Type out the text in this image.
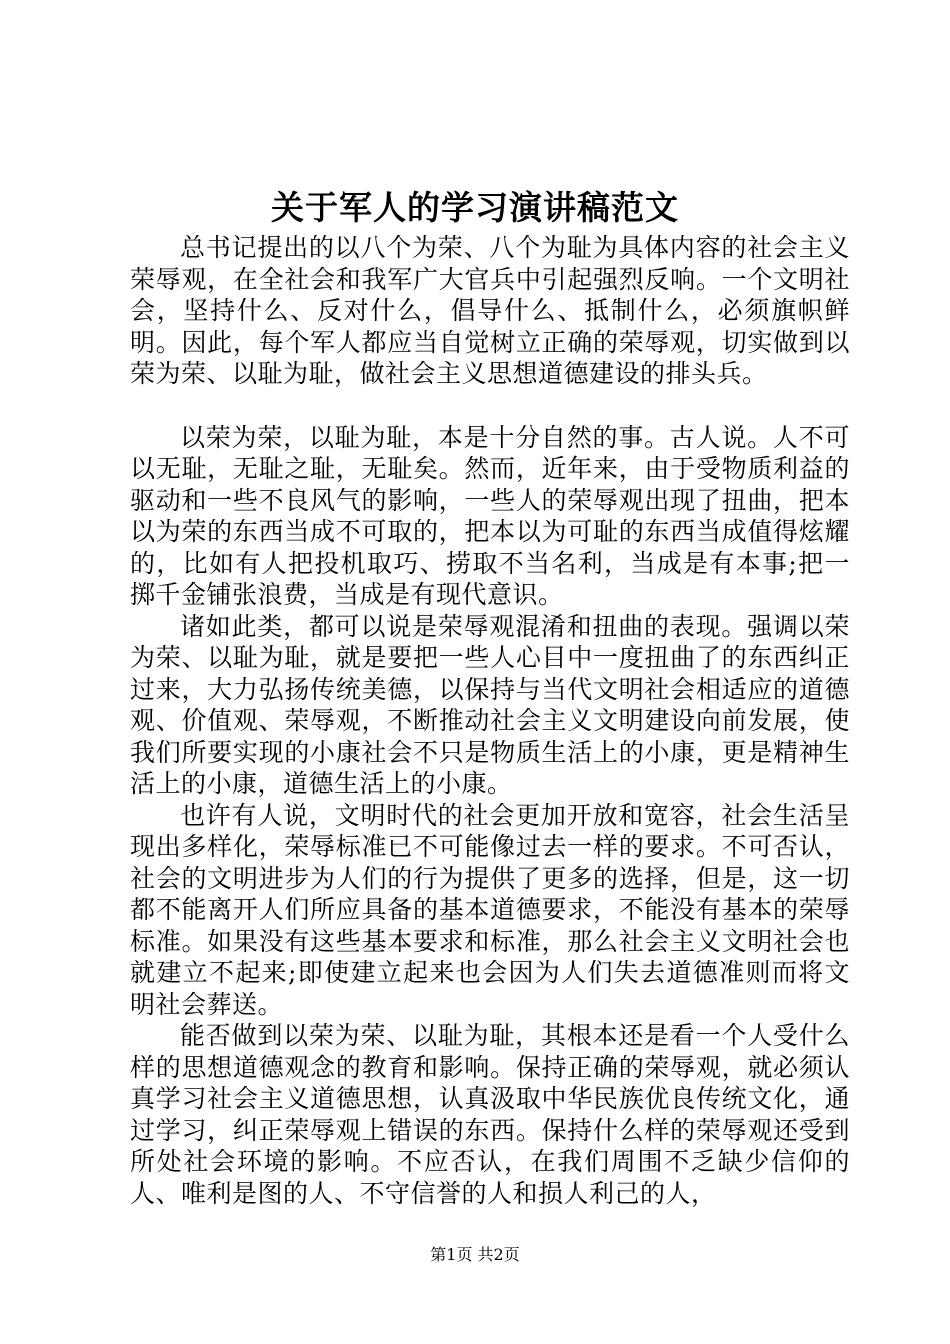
关于军人的学习演讲稿范文

总书记提出的以八个为荣、八个为耻为具体内容的社会主义荣辱观，在全社会和我军广大官兵中引起强烈反响。一个文明社会，坚持什么、反对什么，倡导什么、抵制什么，必须旗帜鲜明。因此，每个军人都应当自觉树立正确的荣辱观，切实做到以荣为荣、以耻为耻，做社会主义思想道德建设的排头兵。

以荣为荣，以耻为耻，本是十分自然的事。古人说。人不可以无耻，无耻之耻，无耻矣。然而，近年来，由于受物质利益的驱动和一些不良风气的影响，一些人的荣辱观出现了扭曲，把本以为荣的东西当成不可取的，把本以为可耻的东西当成值得炫耀的，比如有人把投机取巧、捞取不当名利，当成是有本事;把一掷千金铺张浪费，当成是有现代意识。

诸如此类，都可以说是荣辱观混淆和扭曲的表现。强调以荣为荣、以耻为耻，就是要把一些人心目中一度扭曲了的东西纠正过来，大力弘扬传统美德，以保持与当代文明社会相适应的道德观、价值观、荣辱观，不断推动社会主义文明建设向前发展，使我们所要实现的小康社会不只是物质生活上的小康，更是精神生活上的小康，道德生活上的小康。

也许有人说，文明时代的社会更加开放和宽容，社会生活呈现出多样化，荣辱标准已不可能像过去一样的要求。不可否认，社会的文明进步为人们的行为提供了更多的选择，但是，这一切都不能离开人们所应具备的基本道德要求，不能没有基本的荣辱标准。如果没有这些基本要求和标准，那么社会主义文明社会也就建立不起来;即使建立起来也会因为人们失去道德准则而将文明社会葬送。

能否做到以荣为荣、以耻为耻，其根本还是看一个人受什么样的思想道德观念的教育和影响。保持正确的荣辱观，就必须认真学习社会主义道德思想，认真汲取中华民族优良传统文化，通过学习，纠正荣辱观上错误的东西。保持什么样的荣辱观还受到所处社会环境的影响。不应否认，在我们周围不乏缺少信仰的人、唯利是图的人、不守信誉的人和损人利己的人，

第1页 共2页
